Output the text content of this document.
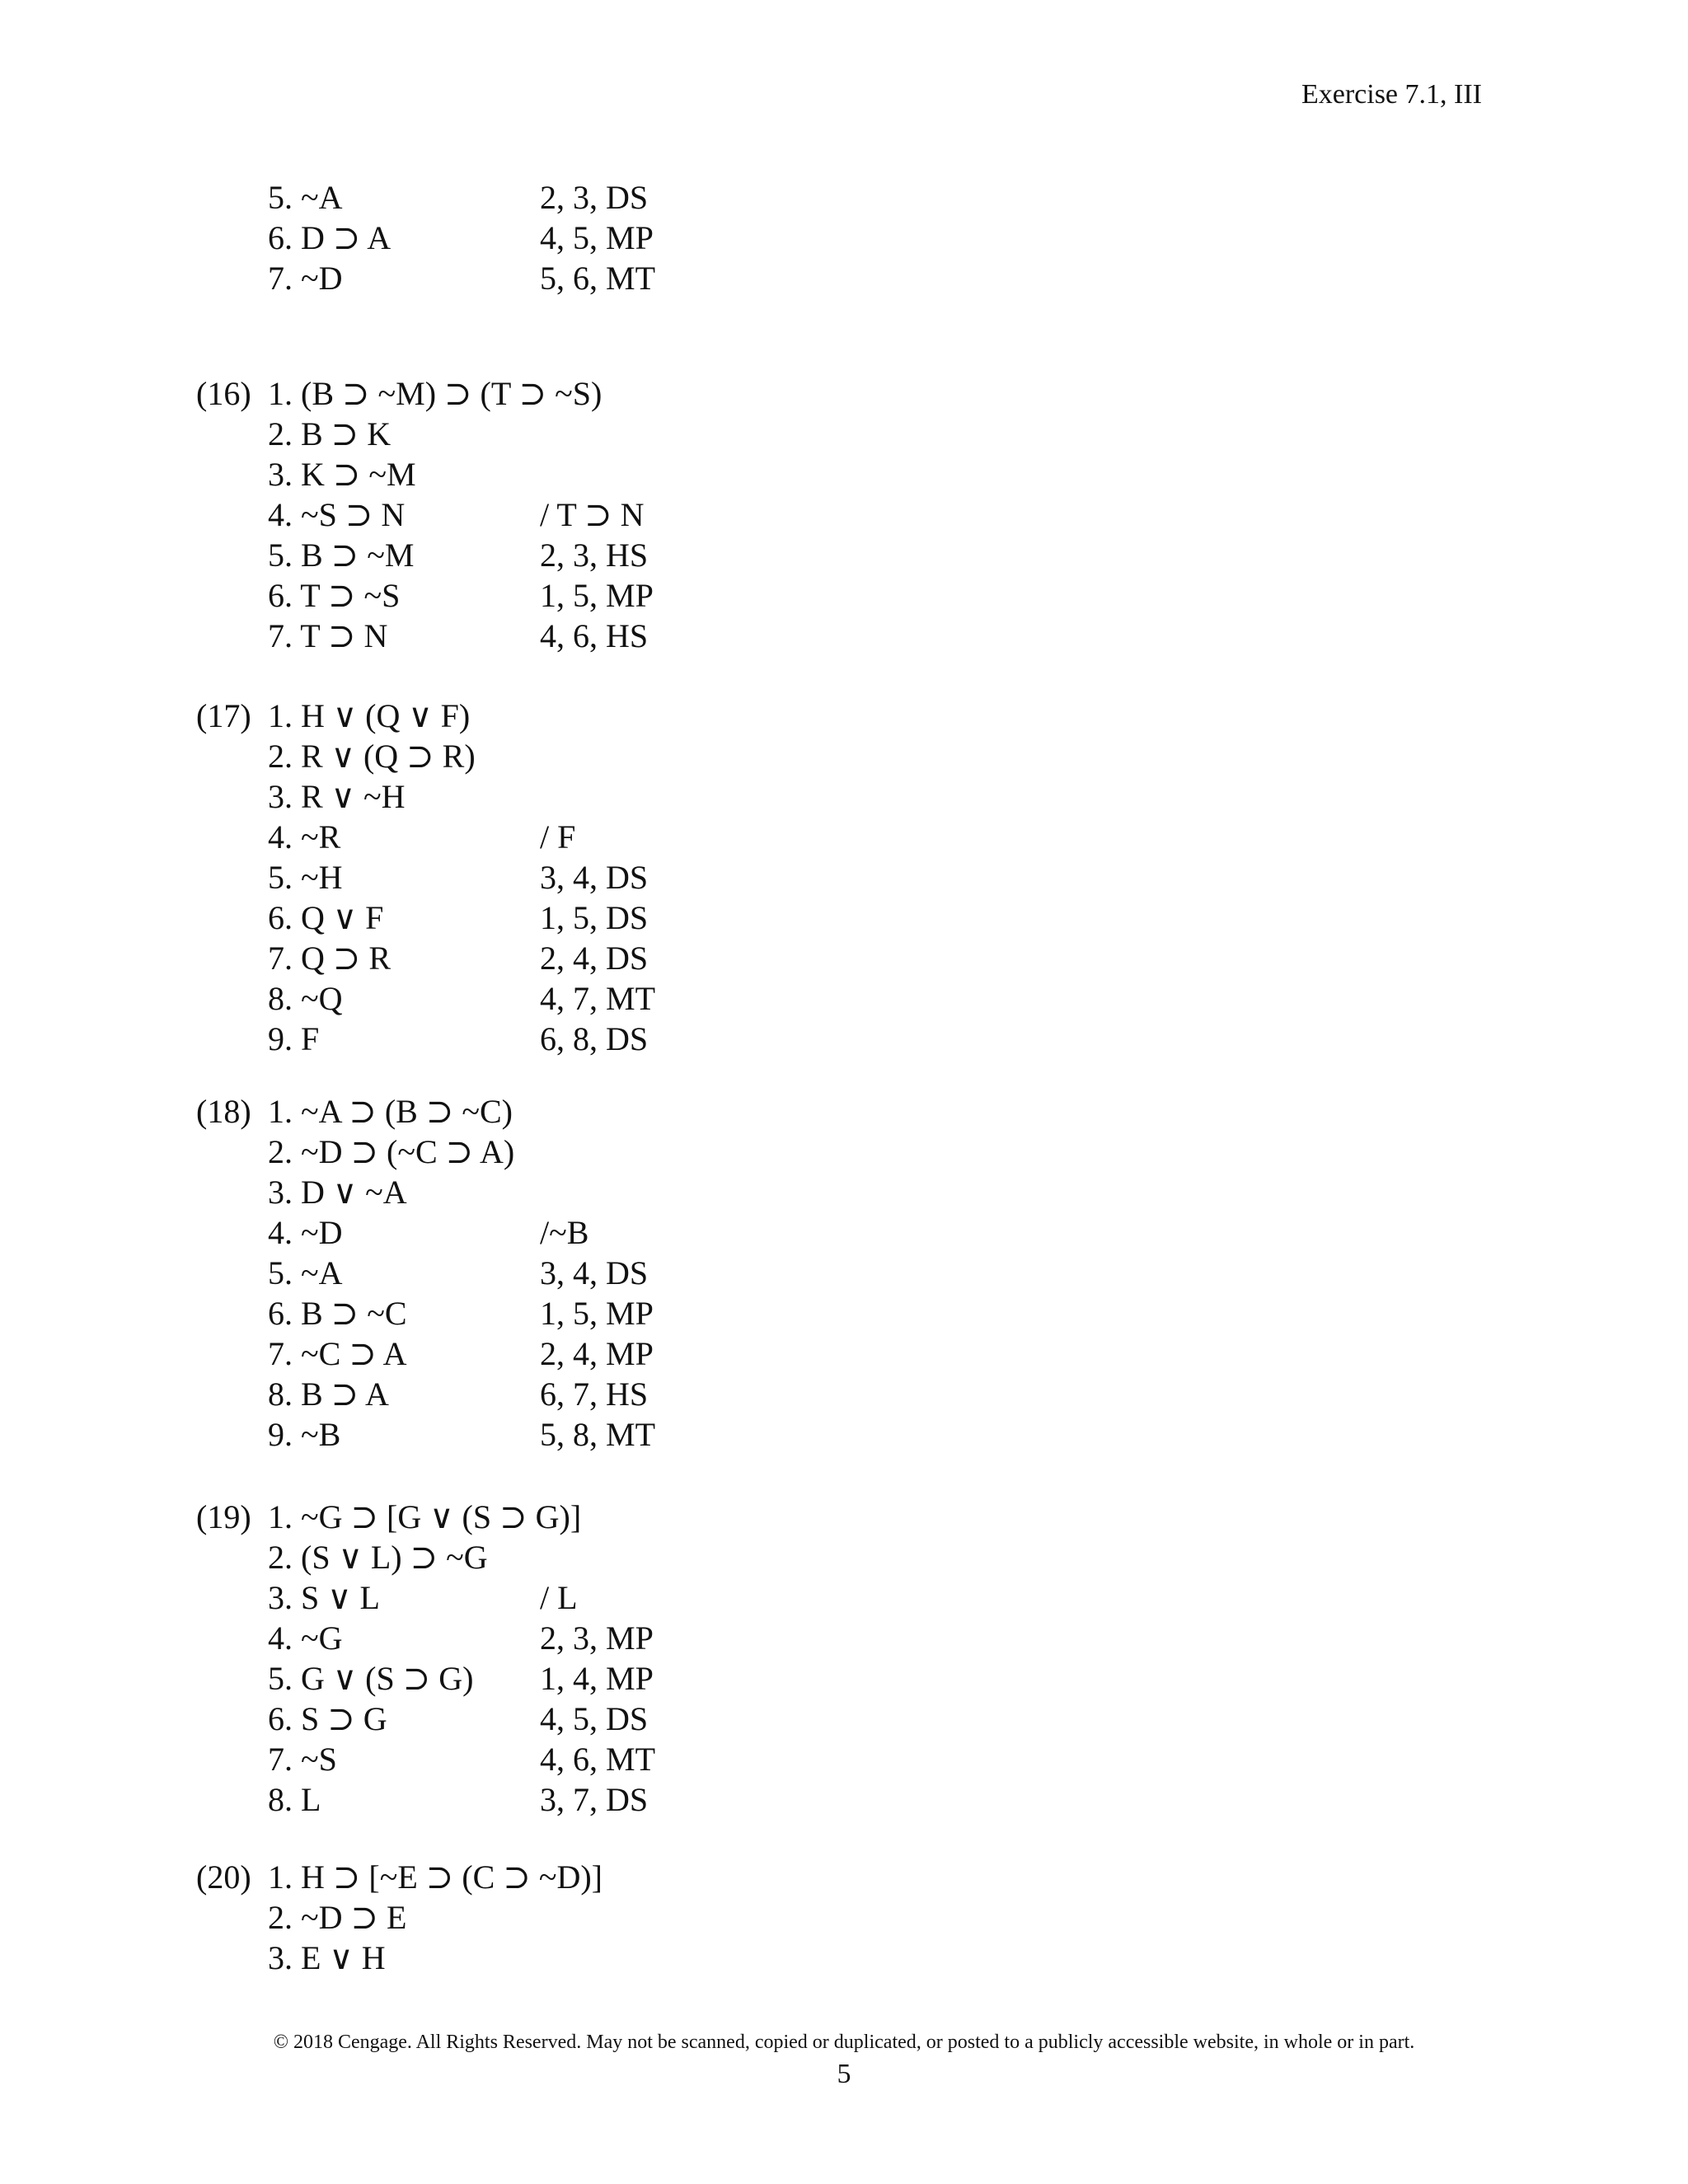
Exercise 7.1, III
5. ~A	2, 3, DS
6. D ⊃ A	4, 5, MP
7. ~D	5, 6, MT
(16) 1. (B ⊃ ~M) ⊃ (T ⊃ ~S)
2. B ⊃ K
3. K ⊃ ~M
4. ~S ⊃ N	/ T ⊃ N
5. B ⊃ ~M	2, 3, HS
6. T ⊃ ~S	1, 5, MP
7. T ⊃ N	4, 6, HS
(17) 1. H ∨ (Q ∨ F)
2. R ∨ (Q ⊃ R)
3. R ∨ ~H
4. ~R	/ F
5. ~H	3, 4, DS
6. Q ∨ F	1, 5, DS
7. Q ⊃ R	2, 4, DS
8. ~Q	4, 7, MT
9. F	6, 8, DS
(18) 1. ~A ⊃ (B ⊃ ~C)
2. ~D ⊃ (~C ⊃ A)
3. D ∨ ~A
4. ~D	/~B
5. ~A	3, 4, DS
6. B ⊃ ~C	1, 5, MP
7. ~C ⊃ A	2, 4, MP
8. B ⊃ A	6, 7, HS
9. ~B	5, 8, MT
(19) 1. ~G ⊃ [G ∨ (S ⊃ G)]
2. (S ∨ L) ⊃ ~G
3. S ∨ L	/ L
4. ~G	2, 3, MP
5. G ∨ (S ⊃ G) 1, 4, MP
6. S ⊃ G	4, 5, DS
7. ~S	4, 6, MT
8. L	3, 7, DS
(20) 1. H ⊃ [~E ⊃ (C ⊃ ~D)]
2. ~D ⊃ E
3. E ∨ H
© 2018 Cengage. All Rights Reserved. May not be scanned, copied or duplicated, or posted to a publicly accessible website, in whole or in part.
5
